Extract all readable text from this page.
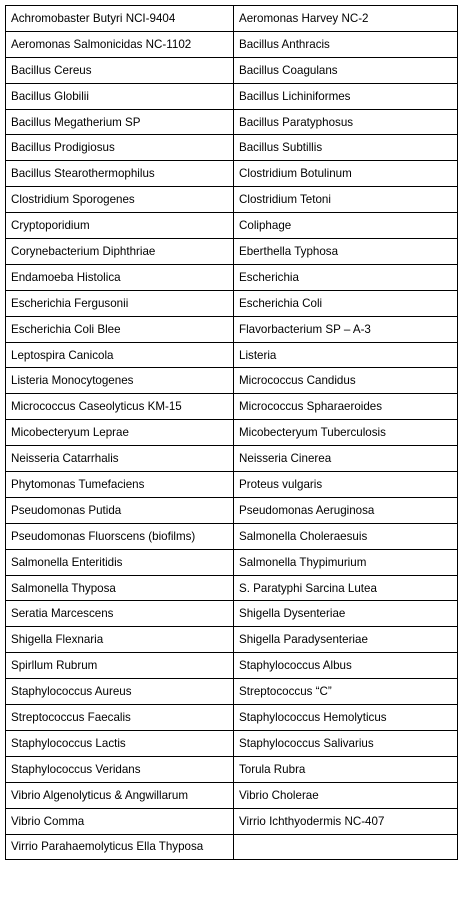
Achromobaster Butyri NCI-9404	Aeromonas Harvey NC-2
Aeromonas Salmonicidas NC-1102	Bacillus Anthracis
Bacillus Cereus	Bacillus Coagulans
Bacillus Globilii	Bacillus Lichiniformes
Bacillus Megatherium SP	Bacillus Paratyphosus
Bacillus Prodigiosus	Bacillus Subtillis
Bacillus Stearothermophilus	Clostridium Botulinum
Clostridium Sporogenes	Clostridium Tetoni
Cryptoporidium	Coliphage
Corynebacterium Diphthriae	Eberthella Typhosa
Endamoeba Histolica	Escherichia
Escherichia Fergusonii	Escherichia Coli
Escherichia Coli Blee	Flavorbacterium SP – A-3
Leptospira Canicola	Listeria
Listeria Monocytogenes	Micrococcus Candidus
Micrococcus Caseolyticus KM-15	Micrococcus Spharaeroides
Micobecteryum Leprae	Micobecteryum Tuberculosis
Neisseria Catarrhalis	Neisseria Cinerea
Phytomonas Tumefaciens	Proteus vulgaris
Pseudomonas Putida	Pseudomonas Aeruginosa
Pseudomonas Fluorscens (biofilms)	Salmonella Choleraesuis
Salmonella Enteritidis	Salmonella Thypimurium
Salmonella Thyposa	S. Paratyphi Sarcina Lutea
Seratia Marcescens	Shigella Dysenteriae
Shigella Flexnaria	Shigella Paradysenteriae
Spirllum Rubrum	Staphylococcus Albus
Staphylococcus Aureus	Streptococcus “C”
Streptococcus Faecalis	Staphylococcus Hemolyticus
Staphylococcus Lactis	Staphylococcus Salivarius
Staphylococcus Veridans	Torula Rubra
Vibrio Algenolyticus & Angwillarum	Vibrio Cholerae
Vibrio Comma	Virrio Ichthyodermis NC-407
Virrio Parahaemolyticus Ella Thyposa	
